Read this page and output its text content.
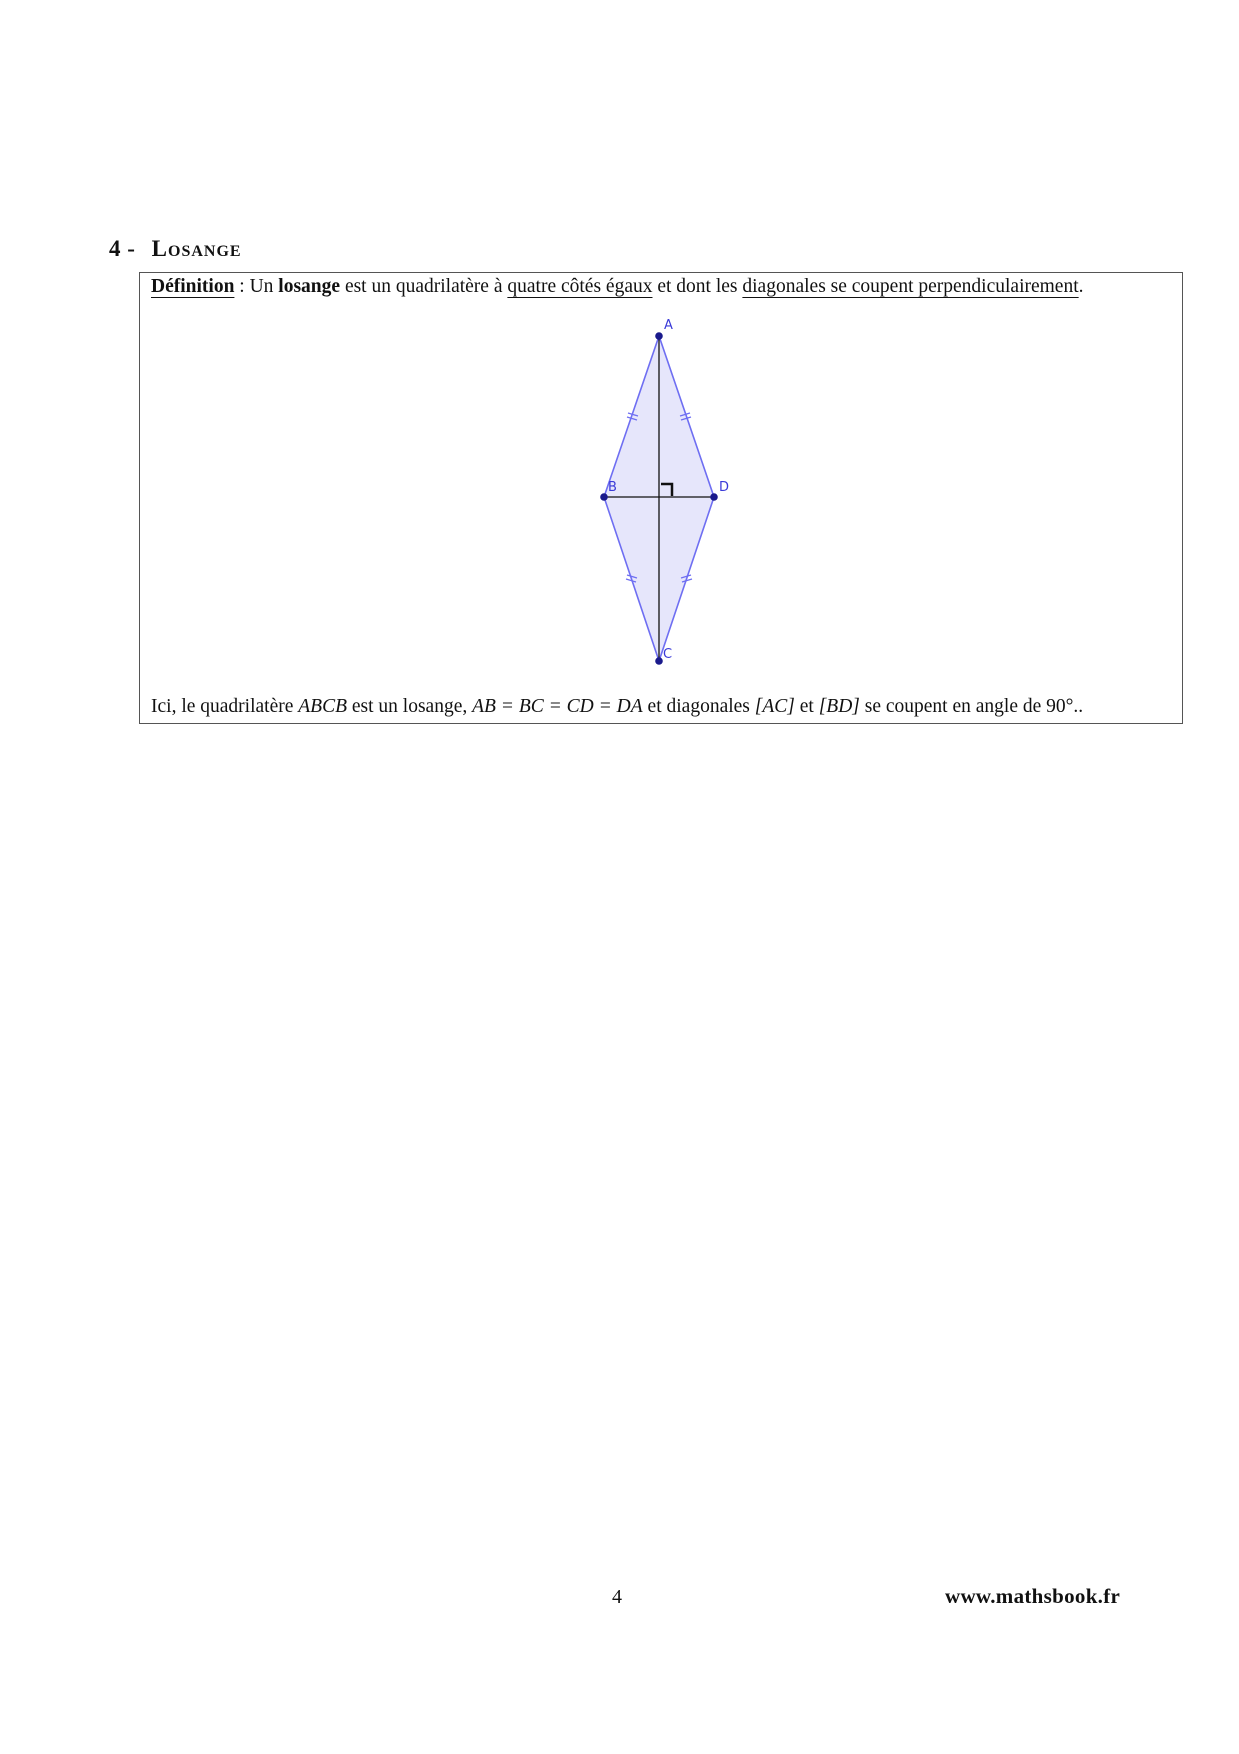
4 - Losange
Définition : Un losange est un quadrilatère à quatre côtés égaux et dont les diagonales se coupent perpendiculairement.
A
B
C
D
Ici, le quadrilatère ABCB est un losange, AB = BC = CD = DA et diagonales [AC] et [BD] se coupent en angle de 90°..
4	www.mathsbook.fr
